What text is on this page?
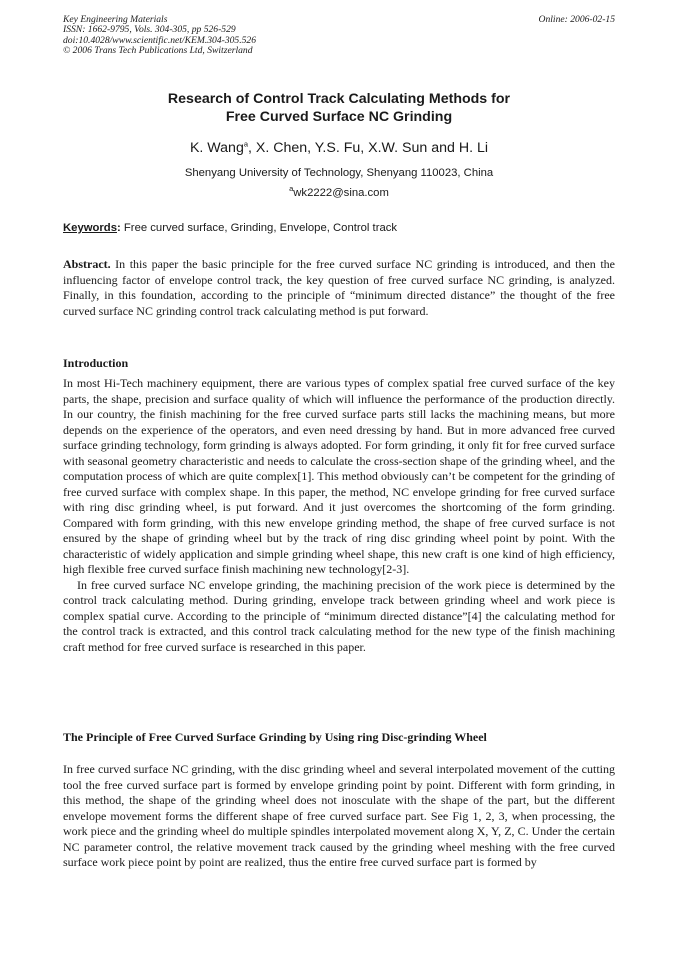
Key Engineering Materials
ISSN: 1662-9795, Vols. 304-305, pp 526-529
doi:10.4028/www.scientific.net/KEM.304-305.526
© 2006 Trans Tech Publications Ltd, Switzerland
Online: 2006-02-15
Research of Control Track Calculating Methods for
Free Curved Surface NC Grinding
K. Wang$^a$, X. Chen, Y.S. Fu, X.W. Sun and H. Li
Shenyang University of Technology, Shenyang 110023, China
$^a$wk2222@sina.com
Keywords: Free curved surface, Grinding, Envelope, Control track

Abstract. In this paper the basic principle for the free curved surface NC grinding is introduced, and then the influencing factor of envelope control track, the key question of free curved surface NC grinding, is analyzed. Finally, in this foundation, according to the principle of “minimum directed distance” the thought of the free curved surface NC grinding control track calculating method is put forward.

Introduction

In most Hi-Tech machinery equipment, there are various types of complex spatial free curved surface of the key parts, the shape, precision and surface quality of which will influence the performance of the production directly. In our country, the finish machining for the free curved surface parts still lacks the machining means, but more depends on the experience of the operators, and even need dressing by hand. But in more advanced free curved surface grinding technology, form grinding is always adopted. For form grinding, it only fit for free curved surface with seasonal geometry characteristic and needs to calculate the cross-section shape of the grinding wheel, and the computation process of which are quite complex[1]. This method obviously can’t be competent for the grinding of free curved surface with complex shape. In this paper, the method, NC envelope grinding for free curved surface with ring disc grinding wheel, is put forward. And it just overcomes the shortcoming of the form grinding. Compared with form grinding, with this new envelope grinding method, the shape of free curved surface is not ensured by the shape of grinding wheel but by the track of ring disc grinding wheel point by point. With the characteristic of widely application and simple grinding wheel shape, this new craft is one kind of high efficiency, high flexible free curved surface finish machining new technology[2-3].

In free curved surface NC envelope grinding, the machining precision of the work piece is determined by the control track calculating method. During grinding, envelope track between grinding wheel and work piece is complex spatial curve. According to the principle of “minimum directed distance”[4] the calculating method for the control track is extracted, and this control track calculating method for the new type of the finish machining craft method for free curved surface is researched in this paper.

The Principle of Free Curved Surface Grinding by Using ring Disc-grinding Wheel

In free curved surface NC grinding, with the disc grinding wheel and several interpolated movement of the cutting tool the free curved surface part is formed by envelope grinding point by point. Different with form grinding, in this method, the shape of the grinding wheel does not inosculate with the shape of the part, but the different envelope movement forms the different shape of free curved surface part. See Fig 1, 2, 3, when processing, the work piece and the grinding wheel do multiple spindles interpolated movement along X, Y, Z, C. Under the certain NC parameter control, the relative movement track caused by the grinding wheel meshing with the free curved surface work piece point by point are realized, thus the entire free curved surface part is formed by
